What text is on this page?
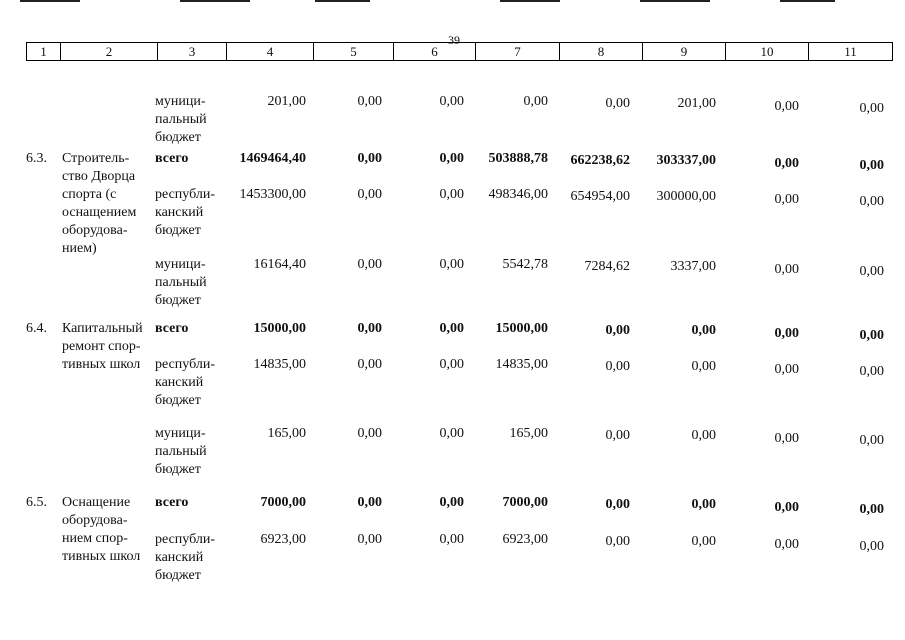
39
1	2	3	4	5	6	7	8	9	10	11
муници-
пальный
бюджет
201,00	0,00	0,00	0,00	0,00	201,00	0,00	0,00
6.3. Строитель-
ство Дворца
спорта (с
оснащением
оборудова-
нием)
всего	1469464,40	0,00	0,00 503888,78 662238,62 303337,00	0,00	0,00
республи-
канский
бюджет
1453300,00	0,00	0,00 498346,00 654954,00 300000,00	0,00	0,00
муници-
пальный
бюджет
16164,40	0,00	0,00	5542,78	7284,62	3337,00	0,00	0,00
6.4. Капитальный
ремонт спор-
тивных школ
всего	15000,00	0,00	0,00 15000,00	0,00	0,00	0,00	0,00
республи-
канский
бюджет
14835,00	0,00	0,00 14835,00	0,00	0,00	0,00	0,00
муници-
пальный
бюджет
165,00	0,00	0,00	165,00	0,00	0,00	0,00	0,00
6.5. Оснащение
оборудова-
нием спор-
тивных школ
всего	7000,00	0,00	0,00	7000,00	0,00	0,00	0,00	0,00
республи-
канский
бюджет
6923,00	0,00	0,00	6923,00	0,00	0,00	0,00	0,00
